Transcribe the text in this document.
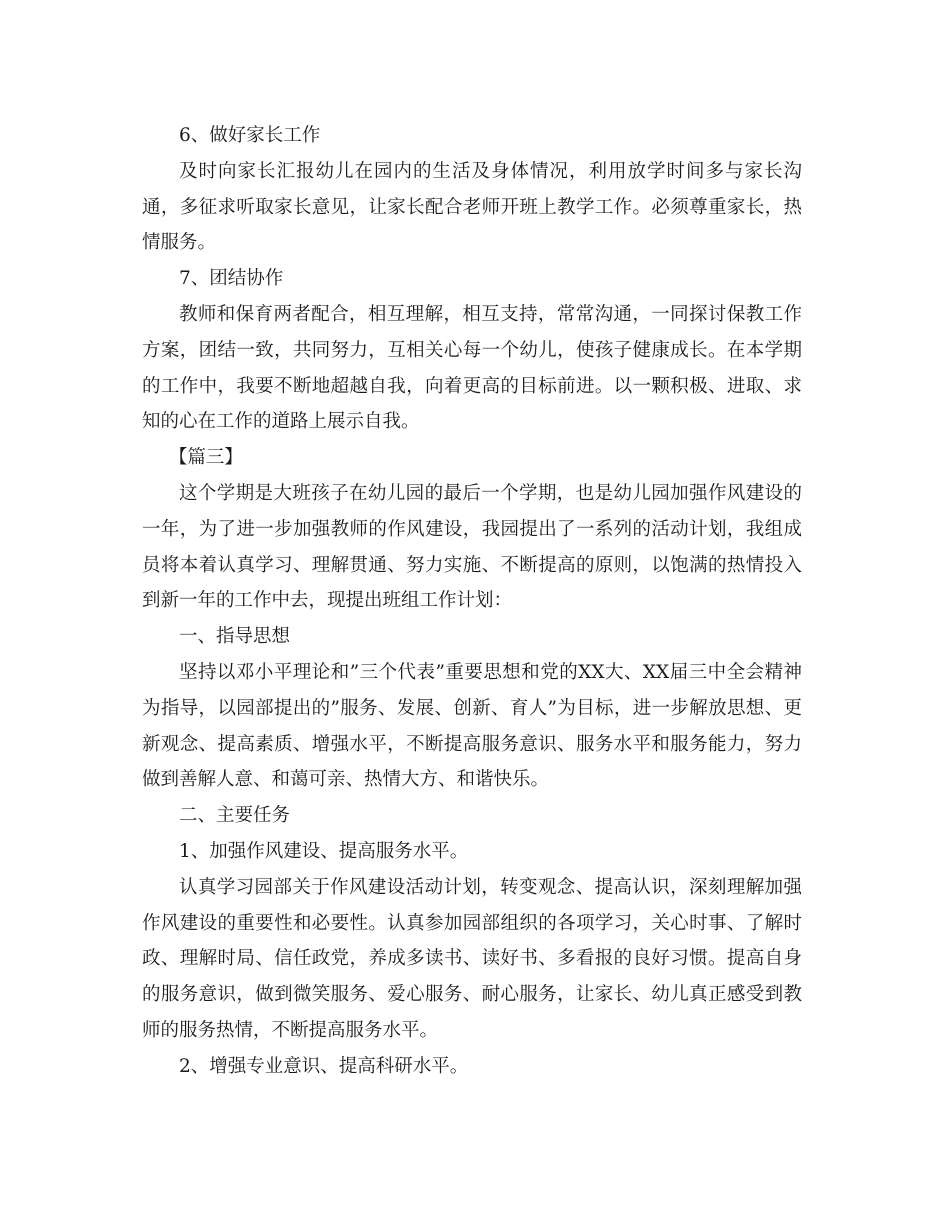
6、做好家长工作

及时向家长汇报幼儿在园内的生活及身体情况，利用放学时间多与家长沟通，多征求听取家长意见，让家长配合老师开班上教学工作。必须尊重家长，热情服务。

7、团结协作

教师和保育两者配合，相互理解，相互支持，常常沟通，一同探讨保教工作方案，团结一致，共同努力，互相关心每一个幼儿，使孩子健康成长。在本学期的工作中，我要不断地超越自我，向着更高的目标前进。以一颗积极、进取、求知的心在工作的道路上展示自我。

【篇三】

这个学期是大班孩子在幼儿园的最后一个学期，也是幼儿园加强作风建设的一年，为了进一步加强教师的作风建设，我园提出了一系列的活动计划，我组成员将本着认真学习、理解贯通、努力实施、不断提高的原则，以饱满的热情投入到新一年的工作中去，现提出班组工作计划：

一、指导思想

坚持以邓小平理论和”三个代表”重要思想和党的XX大、XX届三中全会精神为指导，以园部提出的”服务、发展、创新、育人”为目标，进一步解放思想、更新观念、提高素质、增强水平，不断提高服务意识、服务水平和服务能力，努力做到善解人意、和蔼可亲、热情大方、和谐快乐。

二、主要任务

1、加强作风建设、提高服务水平。

认真学习园部关于作风建设活动计划，转变观念、提高认识，深刻理解加强作风建设的重要性和必要性。认真参加园部组织的各项学习，关心时事、了解时政、理解时局、信任政党，养成多读书、读好书、多看报的良好习惯。提高自身的服务意识，做到微笑服务、爱心服务、耐心服务，让家长、幼儿真正感受到教师的服务热情，不断提高服务水平。

2、增强专业意识、提高科研水平。
